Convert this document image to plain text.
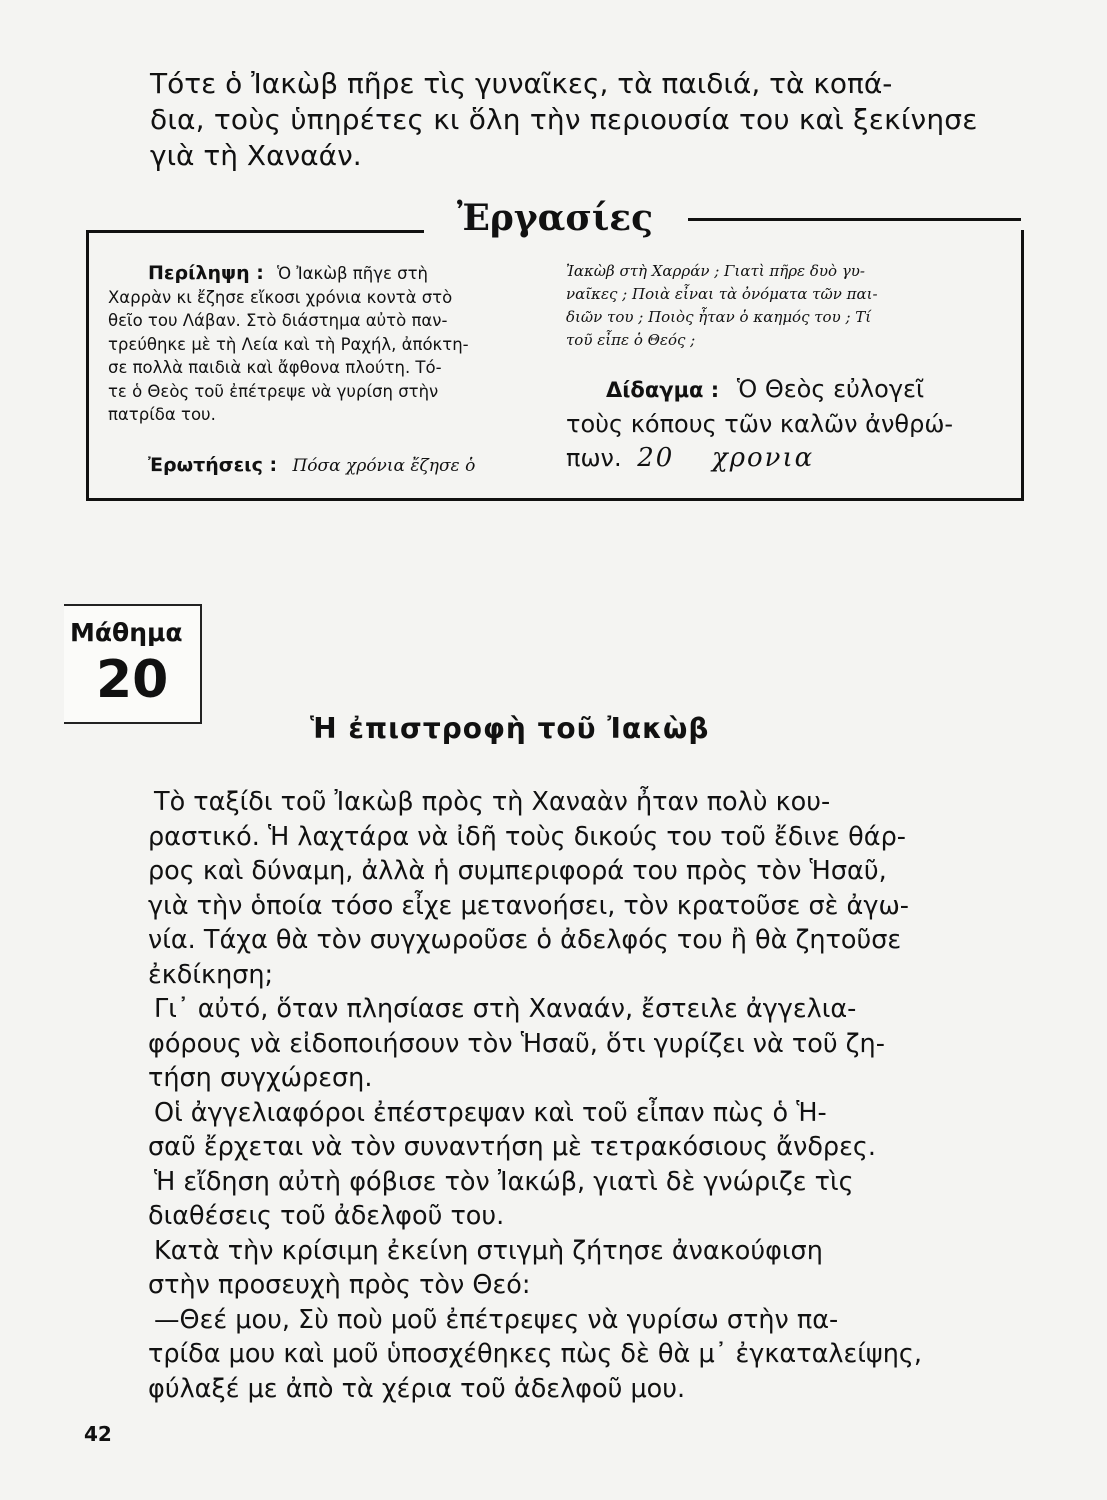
Τότε ὁ Ἰακὼβ πῆρε τὶς γυναῖκες, τὰ παιδιά, τὰ κοπά-
δια, τοὺς ὑπηρέτες κι ὅλη τὴν περιουσία του καὶ ξεκίνησε
γιὰ τὴ Χαναάν.
Ἐργασίες
Περίληψη : Ὁ Ἰακὼβ πῆγε στὴ
Χαρρὰν κι ἔζησε εἴκοσι χρόνια κοντὰ στὸ
θεῖο του Λάβαν. Στὸ διάστημα αὐτὸ παν-
τρεύθηκε μὲ τὴ Λεία καὶ τὴ Ραχήλ, ἀπόκτη-
σε πολλὰ παιδιὰ καὶ ἄφθονα πλούτη. Τό-
τε ὁ Θεὸς τοῦ ἐπέτρεψε νὰ γυρίση στὴν
πατρίδα του.
Ἐρωτήσεις : Πόσα χρόνια ἔζησε ὁ
Ἰακὼβ στὴ Χαρράν ; Γιατὶ πῆρε δυὸ γυ-
ναῖκες ; Ποιὰ εἶναι τὰ ὀνόματα τῶν παι-
διῶν του ; Ποιὸς ἦταν ὁ καημός του ; Τί
τοῦ εἶπε ὁ Θεός ;
Δίδαγμα : Ὁ Θεὸς εὐλογεῖ
τοὺς κόπους τῶν καλῶν ἀνθρώ-
πων. 20 χρονια
Μάθημα
20
Ἡ ἐπιστροφὴ τοῦ Ἰακὼβ
Τὸ ταξίδι τοῦ Ἰακὼβ πρὸς τὴ Χαναὰν ἦταν πολὺ κου-
ραστικό. Ἡ λαχτάρα νὰ ἰδῆ τοὺς δικούς του τοῦ ἔδινε θάρ-
ρος καὶ δύναμη, ἀλλὰ ἡ συμπεριφορά του πρὸς τὸν Ἡσαῦ,
γιὰ τὴν ὁποία τόσο εἶχε μετανοήσει, τὸν κρατοῦσε σὲ ἀγω-
νία. Τάχα θὰ τὸν συγχωροῦσε ὁ ἀδελφός του ἢ θὰ ζητοῦσε
ἐκδίκηση;
Γι᾽ αὐτό, ὅταν πλησίασε στὴ Χαναάν, ἔστειλε ἀγγελια-
φόρους νὰ εἰδοποιήσουν τὸν Ἡσαῦ, ὅτι γυρίζει νὰ τοῦ ζη-
τήση συγχώρεση.
Οἱ ἀγγελιαφόροι ἐπέστρεψαν καὶ τοῦ εἶπαν πὼς ὁ Ἡ-
σαῦ ἔρχεται νὰ τὸν συναντήση μὲ τετρακόσιους ἄνδρες.
Ἡ εἴδηση αὐτὴ φόβισε τὸν Ἰακώβ, γιατὶ δὲ γνώριζε τὶς
διαθέσεις τοῦ ἀδελφοῦ του.
Κατὰ τὴν κρίσιμη ἐκείνη στιγμὴ ζήτησε ἀνακούφιση
στὴν προσευχὴ πρὸς τὸν Θεό:
—Θεέ μου, Σὺ ποὺ μοῦ ἐπέτρεψες νὰ γυρίσω στὴν πα-
τρίδα μου καὶ μοῦ ὑποσχέθηκες πὼς δὲ θὰ μ᾽ ἐγκαταλείψης,
φύλαξέ με ἀπὸ τὰ χέρια τοῦ ἀδελφοῦ μου.
42
